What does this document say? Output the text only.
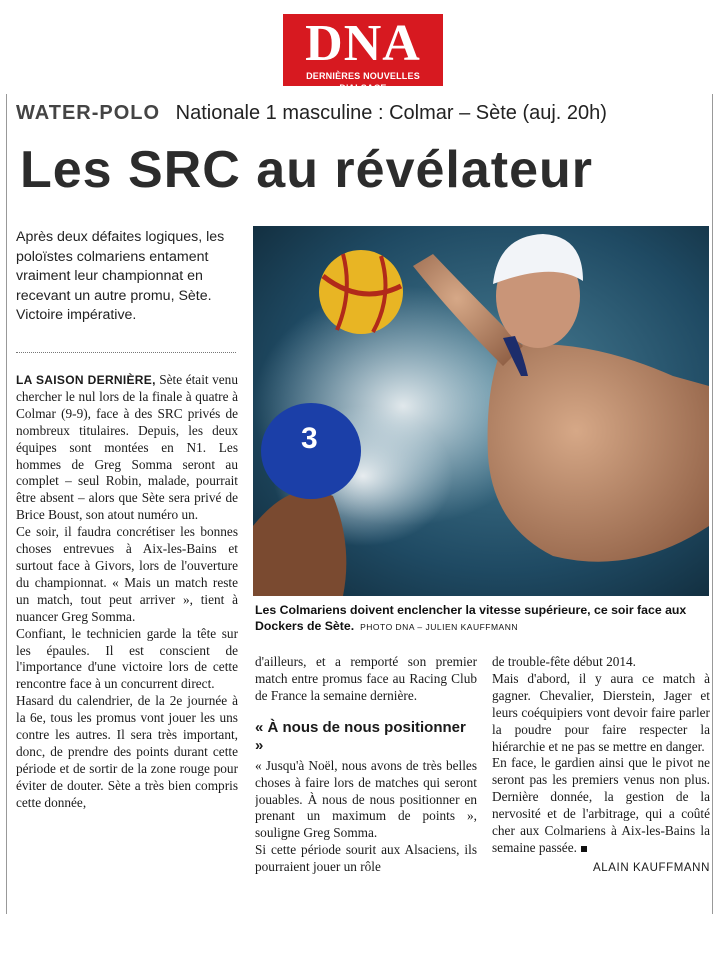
DNA
DERNIÈRES NOUVELLES D'ALSACE
WATER-POLO Nationale 1 masculine : Colmar – Sète (auj. 20h)
Les SRC au révélateur
Après deux défaites logiques, les poloïstes colmariens entament vraiment leur championnat en recevant un autre promu, Sète. Victoire impérative.
3
Les Colmariens doivent enclencher la vitesse supérieure, ce soir face aux Dockers de Sète. PHOTO DNA – JULIEN KAUFFMANN

LA SAISON DERNIÈRE, Sète était venu chercher le nul lors de la finale à quatre à Colmar (9-9), face à des SRC privés de nombreux titulaires. Depuis, les deux équipes sont montées en N1. Les hommes de Greg Somma seront au complet – seul Robin, malade, pourrait être absent – alors que Sète sera privé de Brice Boust, son atout numéro un.

Ce soir, il faudra concrétiser les bonnes choses entrevues à Aix-les-Bains et surtout face à Givors, lors de l'ouverture du championnat. « Mais un match reste un match, tout peut arriver », tient à nuancer Greg Somma.

Confiant, le technicien garde la tête sur les épaules. Il est conscient de l'importance d'une victoire lors de cette rencontre face à un concurrent direct.

Hasard du calendrier, de la 2e journée à la 6e, tous les promus vont jouer les uns contre les autres. Il sera très important, donc, de prendre des points durant cette période et de sortir de la zone rouge pour éviter de douter. Sète a très bien compris cette donnée,

d'ailleurs, et a remporté son premier match entre promus face au Racing Club de France la semaine dernière.

« À nous de nous positionner »

« Jusqu'à Noël, nous avons de très belles choses à faire lors de matches qui seront jouables. À nous de nous positionner en prenant un maximum de points », souligne Greg Somma.

Si cette période sourit aux Alsaciens, ils pourraient jouer un rôle

de trouble-fête début 2014.

Mais d'abord, il y aura ce match à gagner. Chevalier, Dierstein, Jager et leurs coéquipiers vont devoir faire parler la poudre pour faire respecter la hiérarchie et ne pas se mettre en danger.

En face, le gardien ainsi que le pivot ne seront pas les premiers venus non plus. Dernière donnée, la gestion de la nervosité et de l'arbitrage, qui a coûté cher aux Colmariens à Aix-les-Bains la semaine passée.

ALAIN KAUFFMANN
